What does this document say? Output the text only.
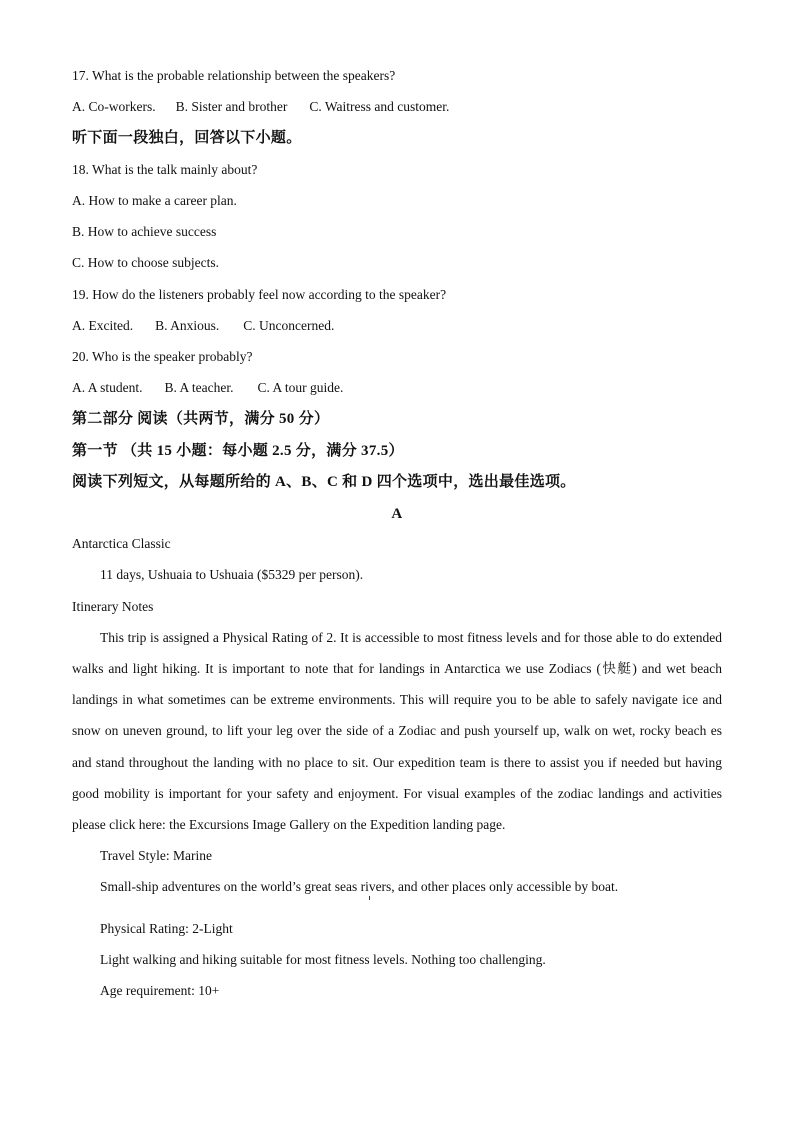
17. What is the probable relationship between the speakers?
A. Co-workers. B. Sister and brother C. Waitress and customer.
听下面一段独白，回答以下小题。
18. What is the talk mainly about?
A. How to make a career plan.
B. How to achieve success
C. How to choose subjects.
19. How do the listeners probably feel now according to the speaker?
A. Excited. B. Anxious. C. Unconcerned.
20. Who is the speaker probably?
A. A student. B. A teacher. C. A tour guide.
第二部分 阅读（共两节，满分 50 分）
第一节 （共 15 小题：每小题 2.5 分，满分 37.5）
阅读下列短文，从每题所给的 A、B、C 和 D 四个选项中，选出最佳选项。
A
Antarctica Classic
11 days, Ushuaia to Ushuaia ($5329 per person).
Itinerary Notes
This trip is assigned a Physical Rating of 2. It is accessible to most fitness levels and for those able to do extended
walks and light hiking. It is important to note that for landings in Antarctica we use Zodiacs (快艇) and wet beach
landings in what sometimes can be extreme environments. This will require you to be able to safely navigate ice and
snow on uneven ground, to lift your leg over the side of a Zodiac and push yourself up, walk on wet, rocky beach es
and stand throughout the landing with no place to sit. Our expedition team is there to assist you if needed but having
good mobility is important for your safety and enjoyment. For visual examples of the zodiac landings and activities
please click here: the Excursions Image Gallery on the Expedition landing page.
Travel Style: Marine
Small-ship adventures on the world’s great seas rivers, and other places only accessible by boat.
Physical Rating: 2-Light
Light walking and hiking suitable for most fitness levels. Nothing too challenging.
Age requirement: 10+
